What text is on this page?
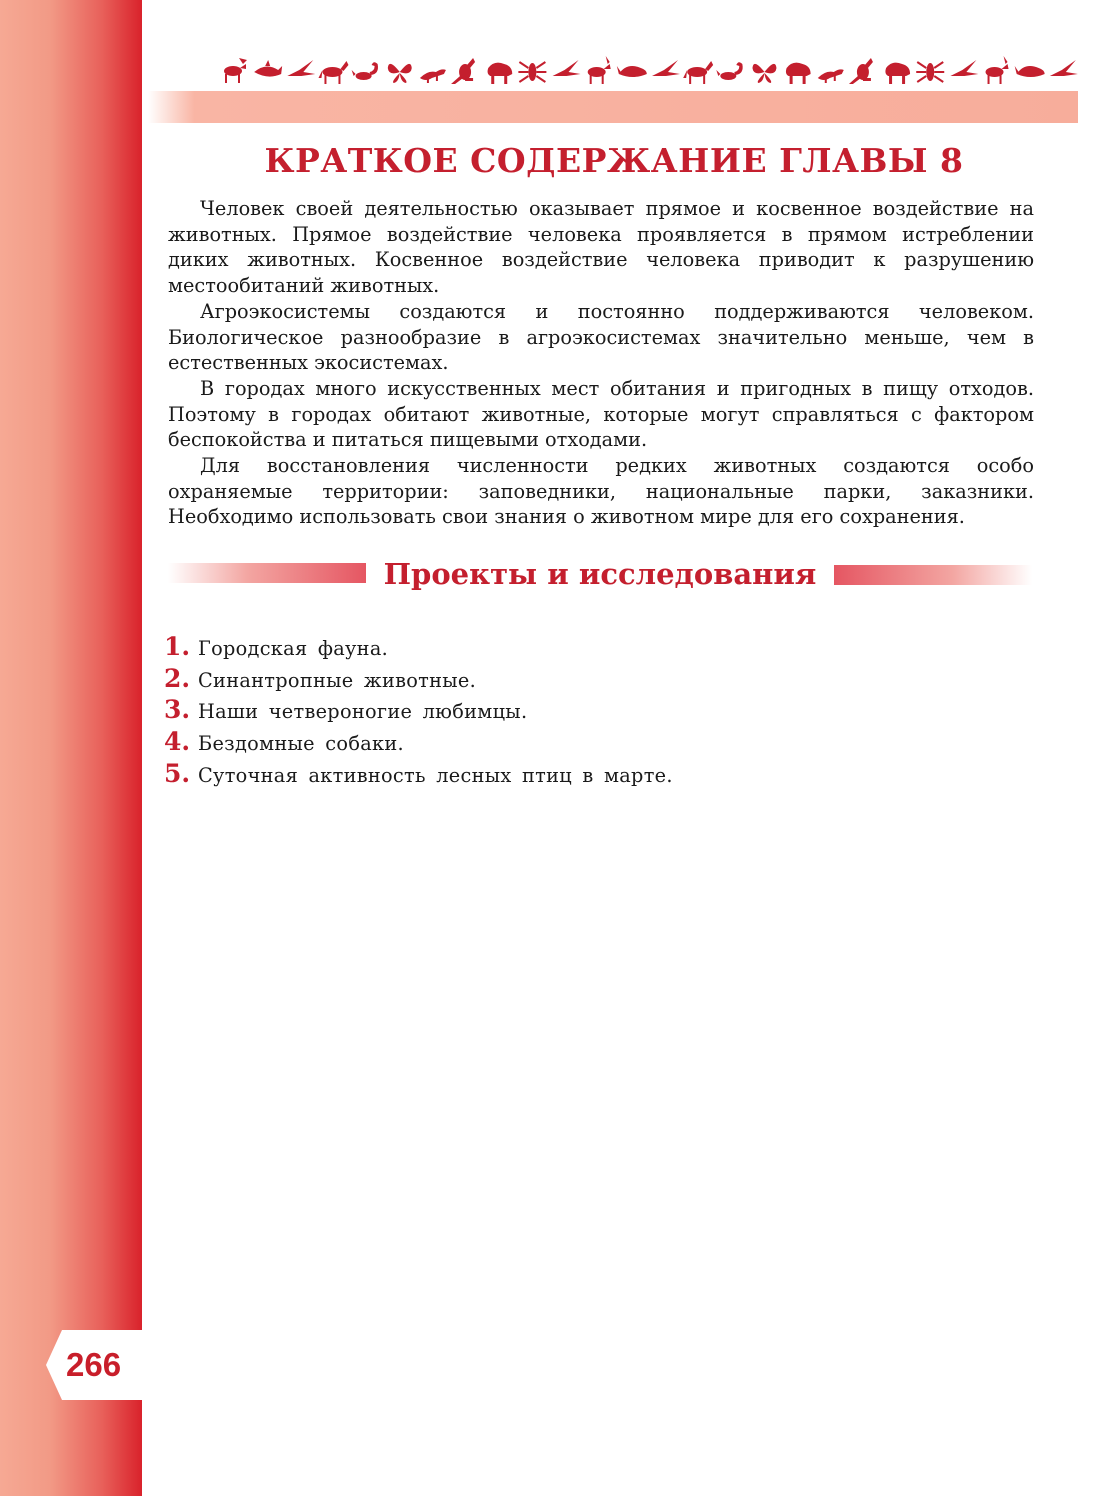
266
КРАТКОЕ СОДЕРЖАНИЕ ГЛАВЫ 8

Человек своей деятельностью оказывает прямое и косвенное воздействие на животных. Прямое воздействие человека проявляется в прямом истреблении диких животных. Косвенное воздействие человека приводит к разрушению местообитаний животных.

Агроэкосистемы создаются и постоянно поддерживаются человеком. Биологическое разнообразие в агроэкосистемах значительно меньше, чем в естественных экосистемах.

В городах много искусственных мест обитания и пригодных в пищу отходов. Поэтому в городах обитают животные, которые могут справляться с фактором беспокойства и питаться пищевыми отходами.

Для восстановления численности редких животных создаются особо охраняемые территории: заповедники, национальные парки, заказники. Необходимо использовать свои знания о животном мире для его сохранения.

Проекты и исследования
1. Городская фауна.
2. Синантропные животные.
3. Наши четвероногие любимцы.
4. Бездомные собаки.
5. Суточная активность лесных птиц в марте.
